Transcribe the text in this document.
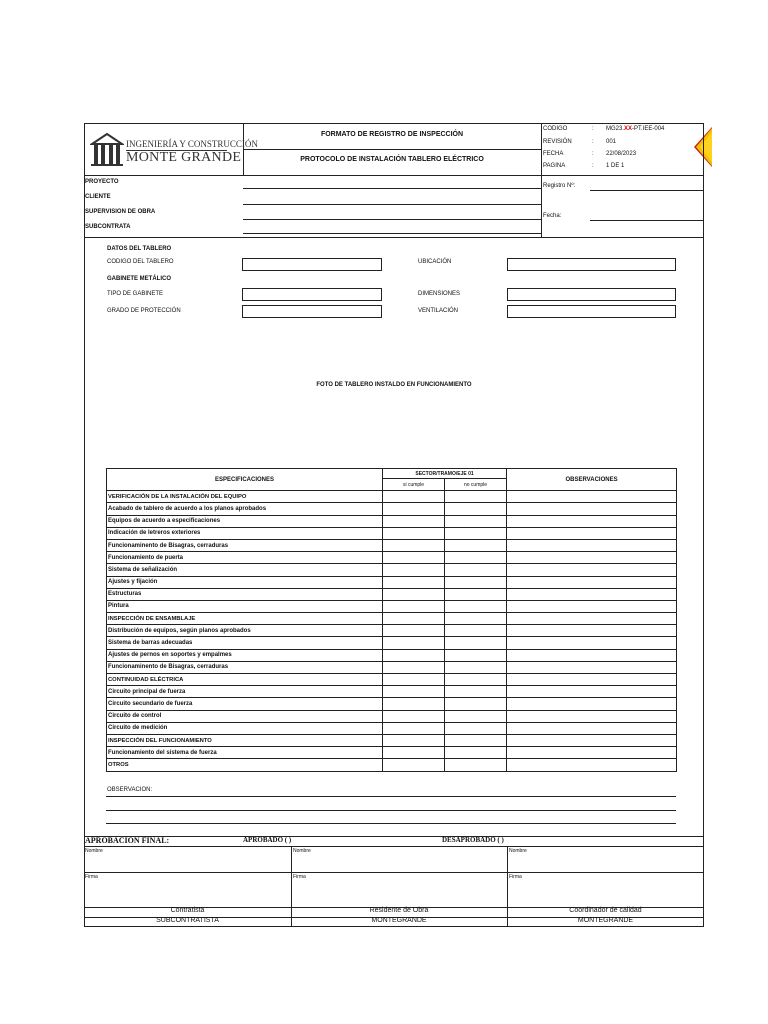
INGENIERÍA Y CONSTRUCCIÓN
MONTE GRANDE
FORMATO DE REGISTRO DE INSPECCIÓN
PROTOCOLO DE INSTALACIÓN TABLERO ELÉCTRICO
CODIGO	: MG23.XX-PT.IEE-004
REVISIÓN	: 001
FECHA	: 22/08/2023
PAGINA	: 1 DE 1
PROYECTO
CLIENTE
SUPERVISION DE OBRA
SUBCONTRATA
Registro Nº:
Fecha:
DATOS DEL TABLERO
CODIGO DEL TABLERO	UBICACIÓN
GABINETE METÁLICO
TIPO DE GABINETE	DIMENSIONES
GRADO DE PROTECCIÓN	VENTILACIÓN
FOTO DE TABLERO INSTALDO EN FUNCIONAMIENTO
ESPECIFICACIONES	SECTOR/TRAMO/EJE 01		OBSERVACIONES
	si cumple	no cumple	
VERIFICACIÓN DE LA INSTALACIÓN DEL EQUIPO			
Acabado de tablero de acuerdo a los planos aprobados			
Equipos de acuerdo a especificaciones			
Indicación de letreros exteriores			
Funcionaminento de Bisagras, cerraduras			
Funcionamiento de puerta			
Sistema de señalización			
Ajustes y fijación			
Estructuras			
Pintura			
INSPECCIÓN DE ENSAMBLAJE			
Distribución de equipos, según planos aprobados			
Sistema de barras adecuadas			
Ajustes de pernos en soportes y empalmes			
Funcionaminento de Bisagras, cerraduras			
CONTINUIDAD ELÉCTRICA			
Circuito principal de fuerza			
Circuito secundario de fuerza			
Circuito de control			
Circuito de medición			
INSPECCIÓN DEL FUNCIONAMIENTO			
Funcionamiento del sistema de fuerza			
OTROS			
OBSERVACION:
APROBACION FINAL:	APROBADO ( )	DESAPROBADO ( )
Nombre	Nombre	Nombre
Firma	Firma	Firma
Contratista	Residente de Obra	Coordinador de calidad
SUBCONTRATISTA	MONTEGRANDE	MONTEGRANDE
